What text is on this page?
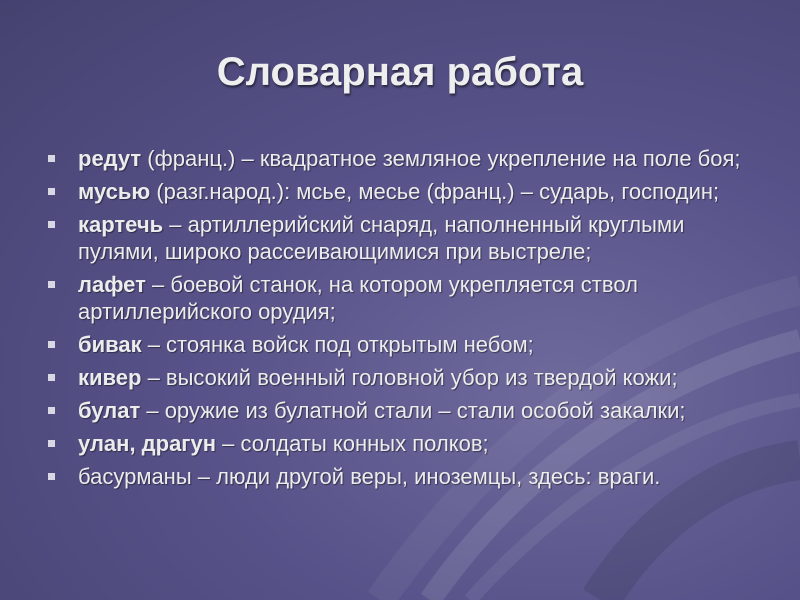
Словарная работа
редут (франц.) – квадратное земляное укрепление на поле боя;
мусью (разг.народ.): мсье, месье (франц.) – сударь, господин;
картечь – артиллерийский снаряд, наполненный круглыми пулями, широко рассеивающимися при выстреле;
лафет – боевой станок, на котором укрепляется ствол артиллерийского орудия;
бивак – стоянка войск под открытым небом;
кивер – высокий военный головной убор из твердой кожи;
булат – оружие из булатной стали – стали особой закалки;
улан, драгун – солдаты конных полков;
басурманы – люди другой веры, иноземцы, здесь: враги.
